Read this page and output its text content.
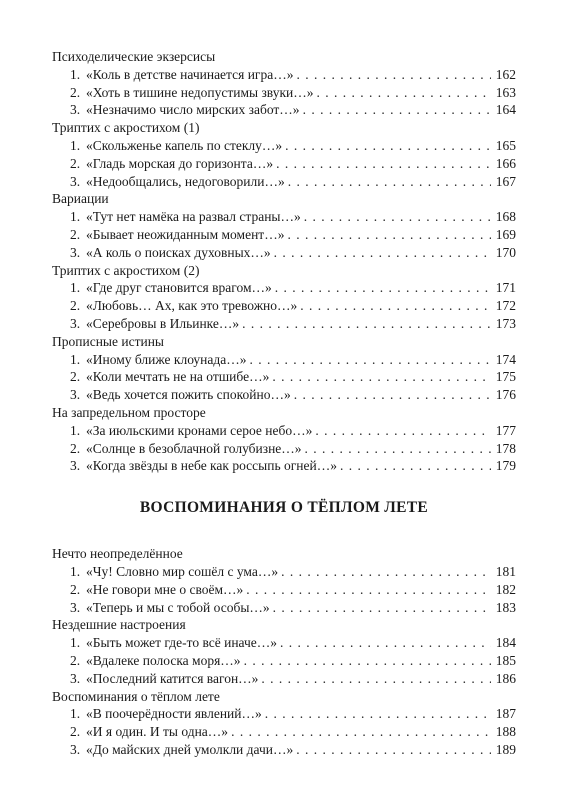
Психоделические экзерсисы
1. «Коль в детстве начинается игра…» . . .	162
2. «Хоть в тишине недопустимы звуки…» . . .	163
3. «Незначимо число мирских забот…» . . .	164
Триптих с акростихом (1)
1. «Скольженье капель по стеклу…» . . .	165
2. «Гладь морская до горизонта…» . . .	166
3. «Недообщались, недоговорили…» . . .	167
Вариации
1. «Тут нет намёка на развал страны…» . . .	168
2. «Бывает неожиданным момент…» . . .	169
3. «А коль о поисках духовных…» . . .	170
Триптих с акростихом (2)
1. «Где друг становится врагом…» . . .	171
2. «Любовь… Ах, как это тревожно…» . . .	172
3. «Серебровы в Ильинке…» . . .	173
Прописные истины
1. «Иному ближе клоунада…» . . .	174
2. «Коли мечтать не на отшибе…» . . .	175
3. «Ведь хочется пожить спокойно…» . . .	176
На запредельном просторе
1. «За июльскими кронами серое небо…» . . .	177
2. «Солнце в безоблачной голубизне…» . . .	178
3. «Когда звёзды в небе как россыпь огней…» . . .	179
ВОСПОМИНАНИЯ О ТЁПЛОМ ЛЕТЕ
Нечто неопределённое
1. «Чу! Словно мир сошёл с ума…» . . .	181
2. «Не говори мне о своём…» . . .	182
3. «Теперь и мы с тобой особы…» . . .	183
Нездешние настроения
1. «Быть может где-то всё иначе…» . . .	184
2. «Вдалеке полоска моря…» . . .	185
3. «Последний катится вагон…» . . .	186
Воспоминания о тёплом лете
1. «В поочерёдности явлений…» . . .	187
2. «И я один. И ты одна…» . . .	188
3. «До майских дней умолкли дачи…» . . .	189
